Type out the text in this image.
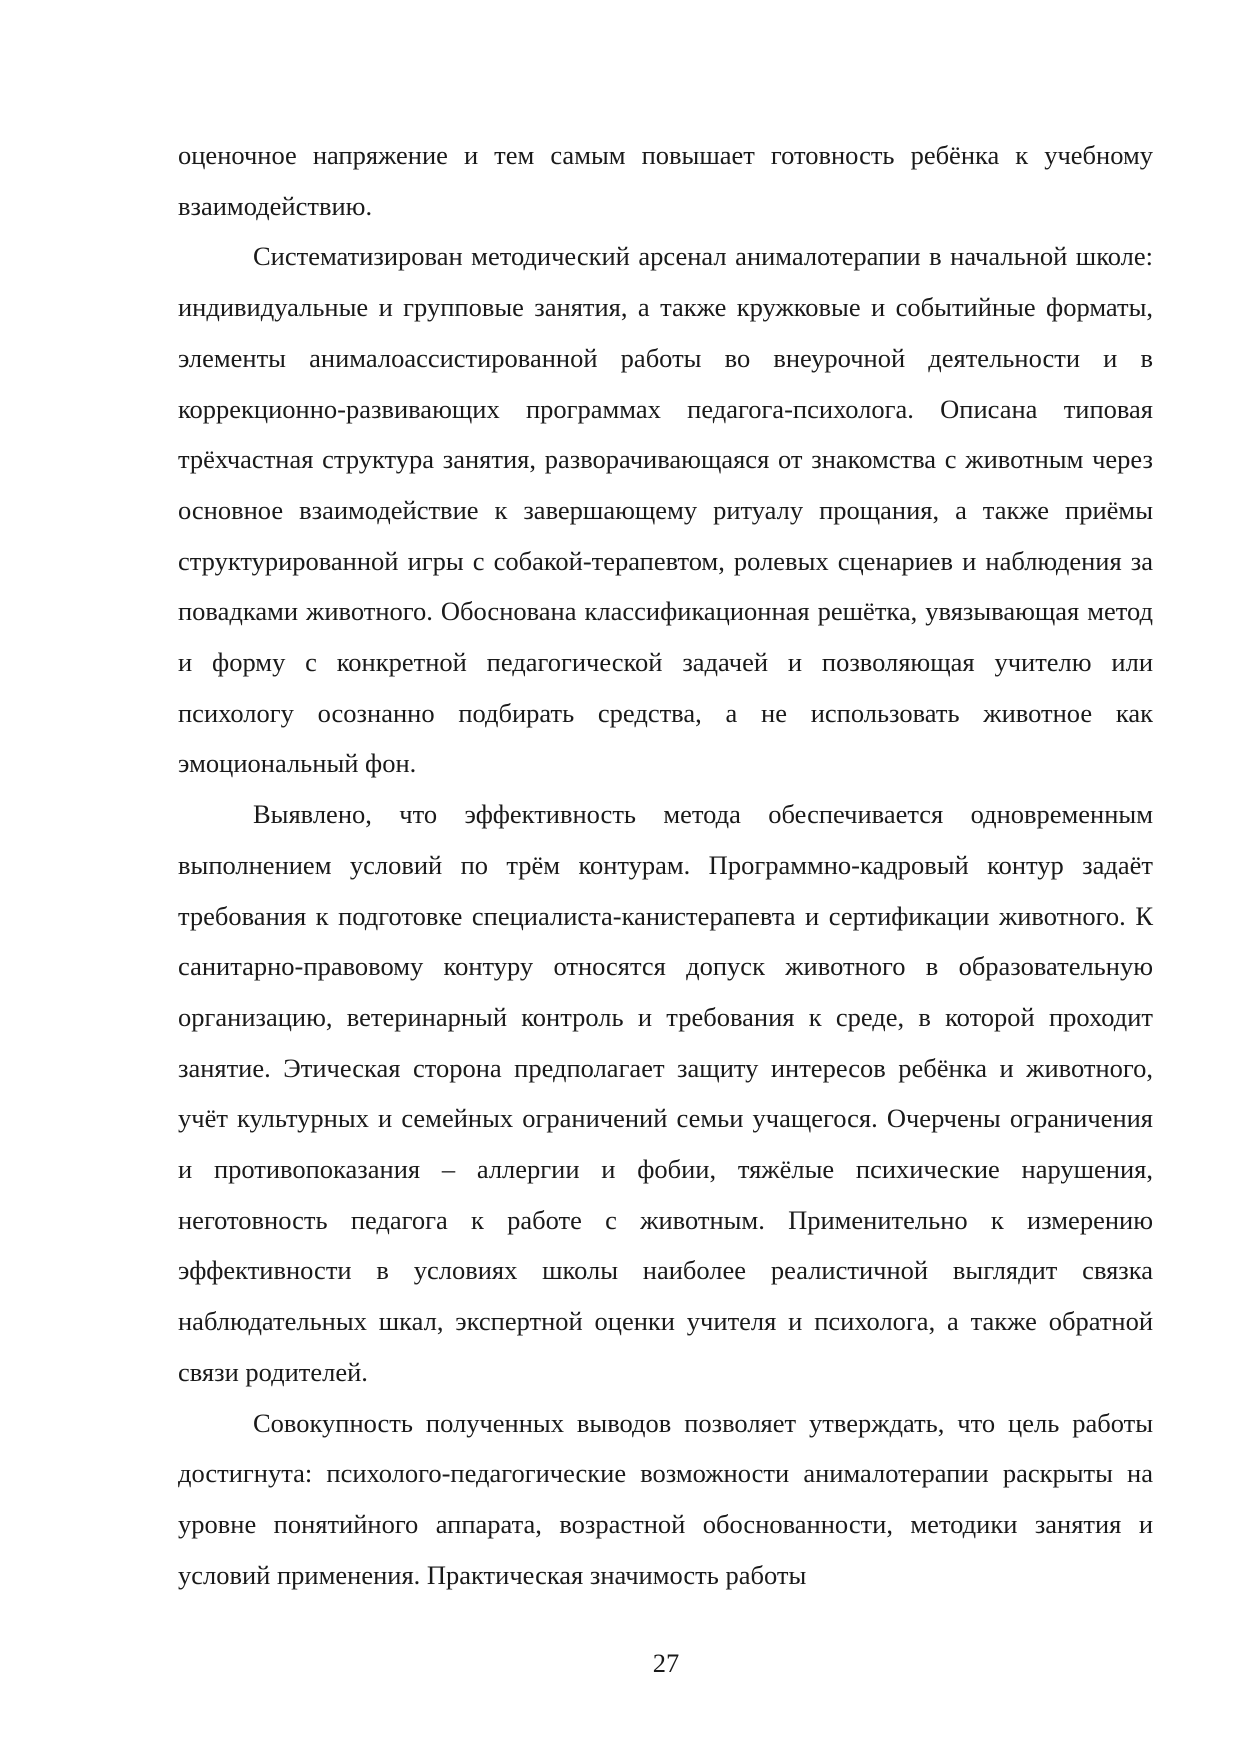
оценочное напряжение и тем самым повышает готовность ребёнка к учебному взаимодействию.

Систематизирован методический арсенал анималотерапии в начальной школе: индивидуальные и групповые занятия, а также кружковые и событийные форматы, элементы анималоассистированной работы во внеурочной деятельности и в коррекционно-развивающих программах педагога-психолога. Описана типовая трёхчастная структура занятия, разворачивающаяся от знакомства с животным через основное взаимодействие к завершающему ритуалу прощания, а также приёмы структурированной игры с собакой-терапевтом, ролевых сценариев и наблюдения за повадками животного. Обоснована классификационная решётка, увязывающая метод и форму с конкретной педагогической задачей и позволяющая учителю или психологу осознанно подбирать средства, а не использовать животное как эмоциональный фон.

Выявлено, что эффективность метода обеспечивается одновременным выполнением условий по трём контурам. Программно-кадровый контур задаёт требования к подготовке специалиста-канистерапевта и сертификации животного. К санитарно-правовому контуру относятся допуск животного в образовательную организацию, ветеринарный контроль и требования к среде, в которой проходит занятие. Этическая сторона предполагает защиту интересов ребёнка и животного, учёт культурных и семейных ограничений семьи учащегося. Очерчены ограничения и противопоказания – аллергии и фобии, тяжёлые психические нарушения, неготовность педагога к работе с животным. Применительно к измерению эффективности в условиях школы наиболее реалистичной выглядит связка наблюдательных шкал, экспертной оценки учителя и психолога, а также обратной связи родителей.

Совокупность полученных выводов позволяет утверждать, что цель работы достигнута: психолого-педагогические возможности анималотерапии раскрыты на уровне понятийного аппарата, возрастной обоснованности, методики занятия и условий применения. Практическая значимость работы

27
